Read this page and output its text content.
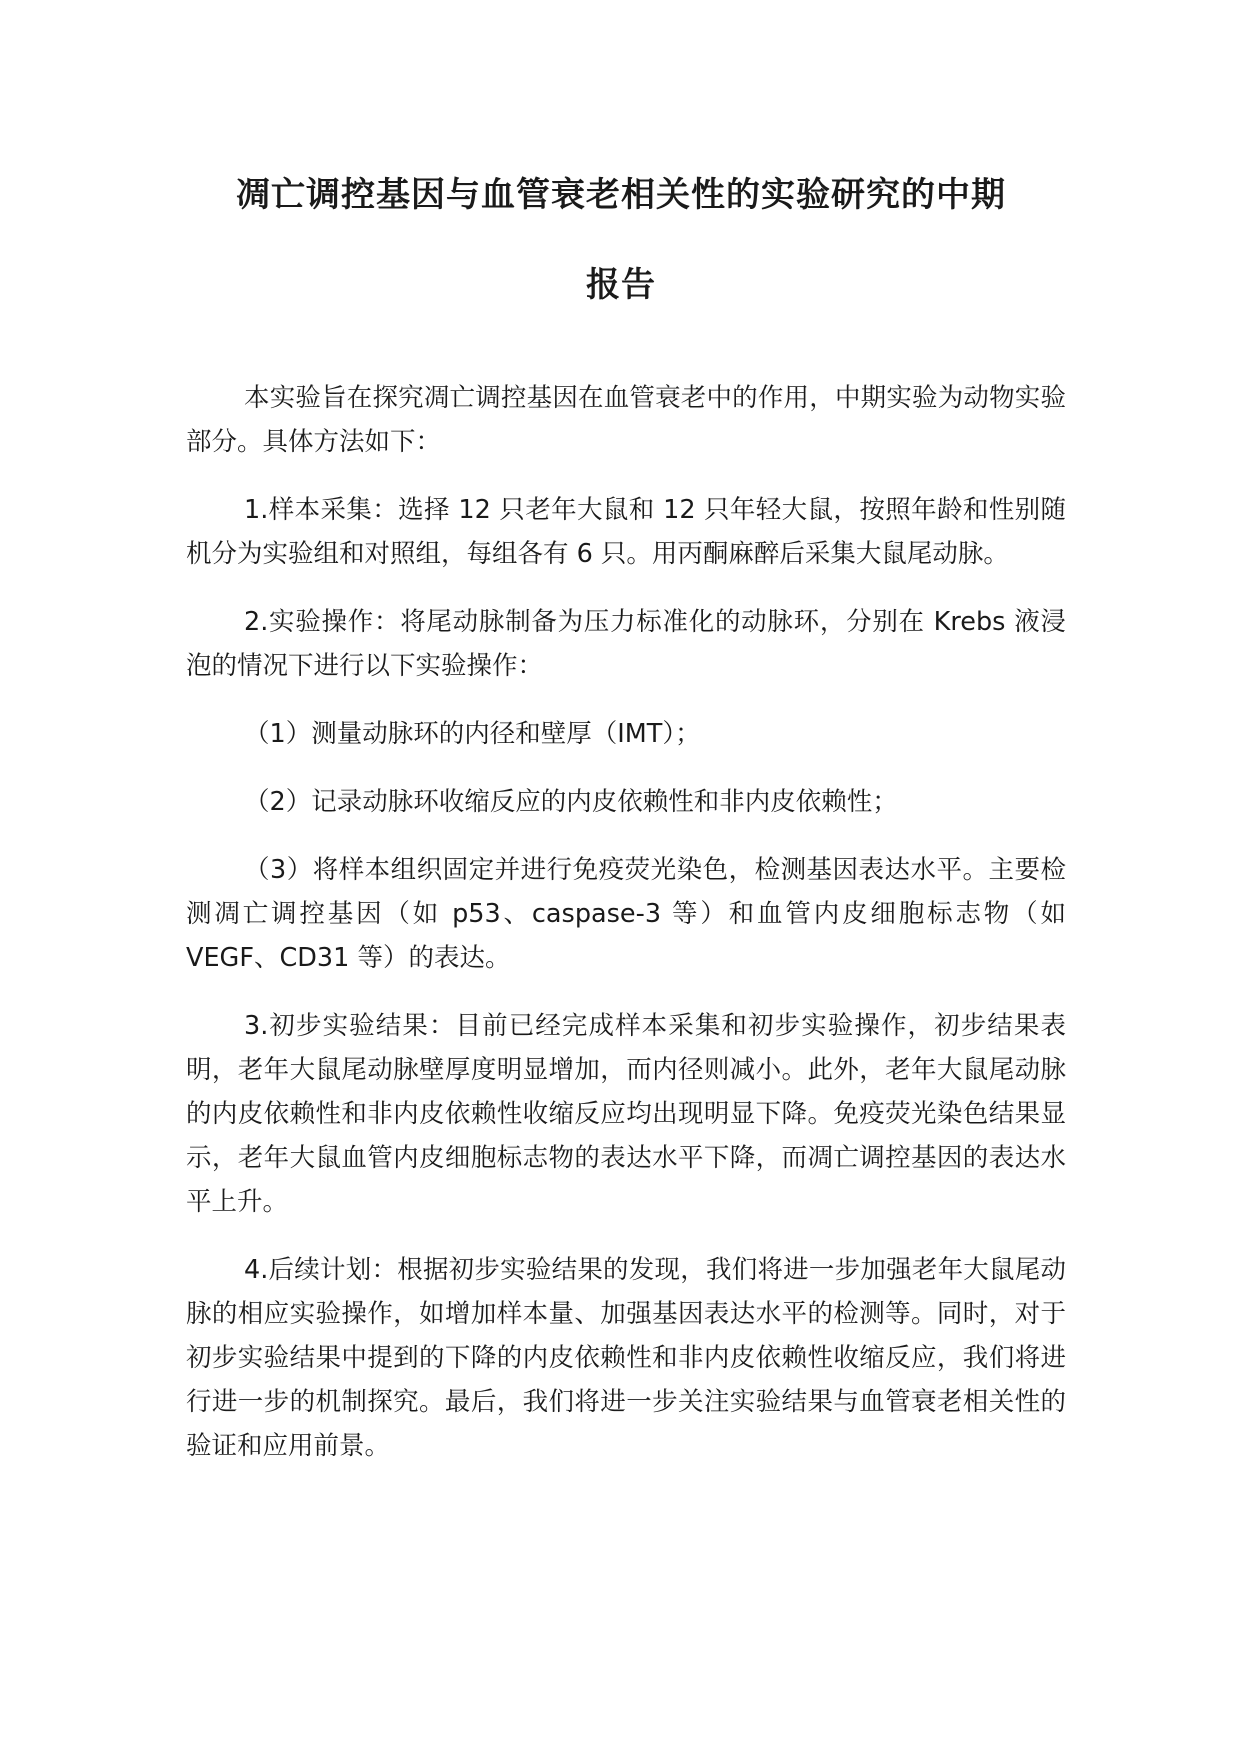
凋亡调控基因与血管衰老相关性的实验研究的中期
报告

本实验旨在探究凋亡调控基因在血管衰老中的作用，中期实验为动物实验部分。具体方法如下：

1.样本采集：选择 12 只老年大鼠和 12 只年轻大鼠，按照年龄和性别随机分为实验组和对照组，每组各有 6 只。用丙酮麻醉后采集大鼠尾动脉。

2.实验操作：将尾动脉制备为压力标准化的动脉环，分别在 Krebs 液浸泡的情况下进行以下实验操作：

（1）测量动脉环的内径和壁厚（IMT）；

（2）记录动脉环收缩反应的内皮依赖性和非内皮依赖性；

（3）将样本组织固定并进行免疫荧光染色，检测基因表达水平。主要检测凋亡调控基因（如 p53、caspase-3 等）和血管内皮细胞标志物（如 VEGF、CD31 等）的表达。

3.初步实验结果：目前已经完成样本采集和初步实验操作，初步结果表明，老年大鼠尾动脉壁厚度明显增加，而内径则减小。此外，老年大鼠尾动脉的内皮依赖性和非内皮依赖性收缩反应均出现明显下降。免疫荧光染色结果显示，老年大鼠血管内皮细胞标志物的表达水平下降，而凋亡调控基因的表达水平上升。

4.后续计划：根据初步实验结果的发现，我们将进一步加强老年大鼠尾动脉的相应实验操作，如增加样本量、加强基因表达水平的检测等。同时，对于初步实验结果中提到的下降的内皮依赖性和非内皮依赖性收缩反应，我们将进行进一步的机制探究。最后，我们将进一步关注实验结果与血管衰老相关性的验证和应用前景。
